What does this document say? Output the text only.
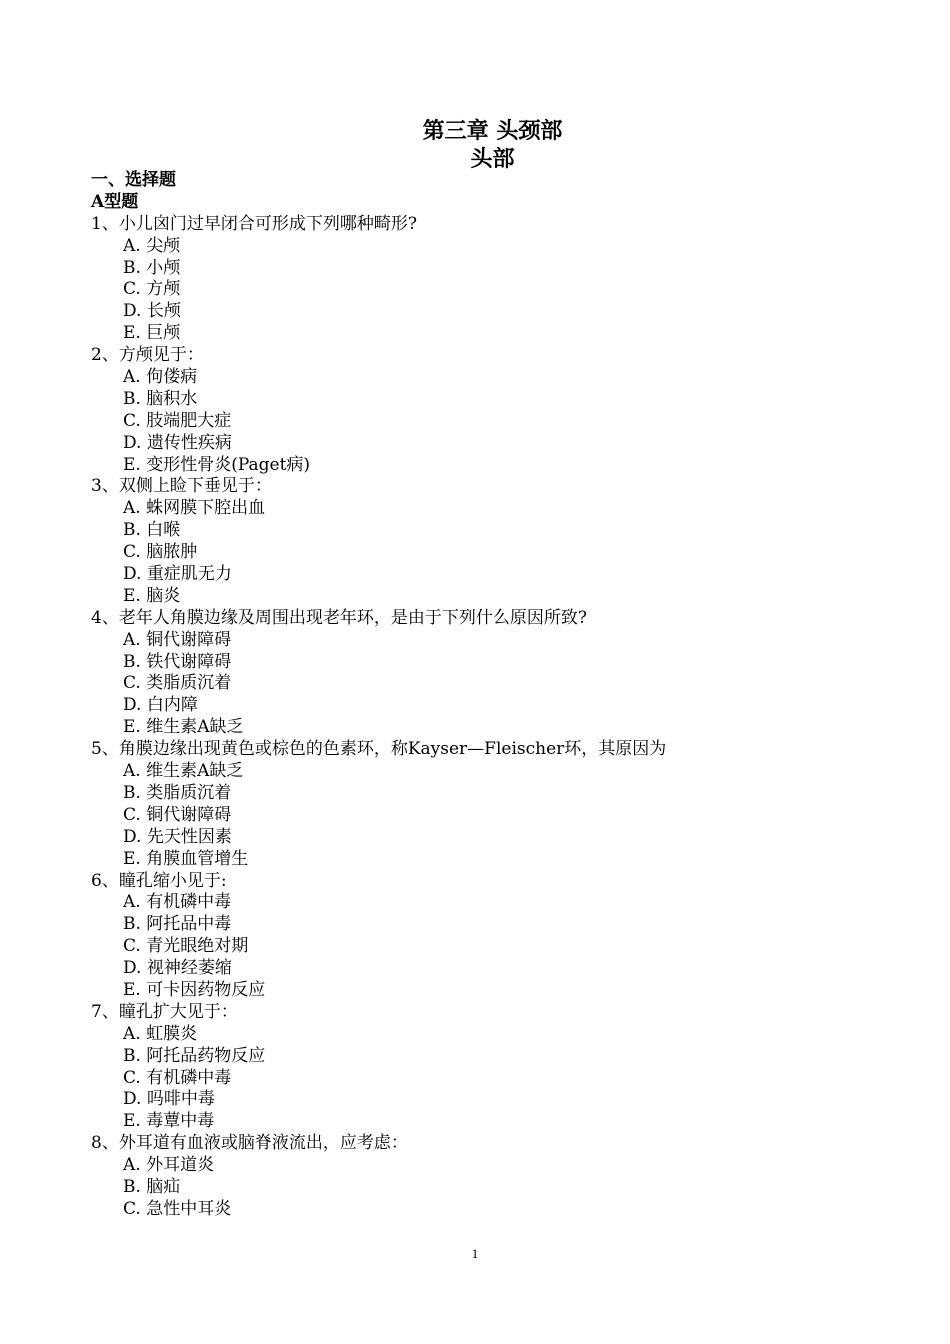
第三章 头颈部
头部
一、选择题
A型题
1、小儿囟门过早闭合可形成下列哪种畸形?
A. 尖颅
B. 小颅
C. 方颅
D. 长颅
E. 巨颅
2、方颅见于：
A. 佝偻病
B. 脑积水
C. 肢端肥大症
D. 遗传性疾病
E. 变形性骨炎(Paget病)
3、双侧上睑下垂见于：
A. 蛛网膜下腔出血
B. 白喉
C. 脑脓肿
D. 重症肌无力
E. 脑炎
4、老年人角膜边缘及周围出现老年环，是由于下列什么原因所致?
A. 铜代谢障碍
B. 铁代谢障碍
C. 类脂质沉着
D. 白内障
E. 维生素A缺乏
5、角膜边缘出现黄色或棕色的色素环，称Kayser—Fleischer环，其原因为
A. 维生素A缺乏
B. 类脂质沉着
C. 铜代谢障碍
D. 先天性因素
E. 角膜血管增生
6、瞳孔缩小见于:
A. 有机磷中毒
B. 阿托品中毒
C. 青光眼绝对期
D. 视神经萎缩
E. 可卡因药物反应
7、瞳孔扩大见于：
A. 虹膜炎
B. 阿托品药物反应
C. 有机磷中毒
D. 吗啡中毒
E. 毒蕈中毒
8、外耳道有血液或脑脊液流出，应考虑：
A. 外耳道炎
B. 脑疝
C. 急性中耳炎
1
